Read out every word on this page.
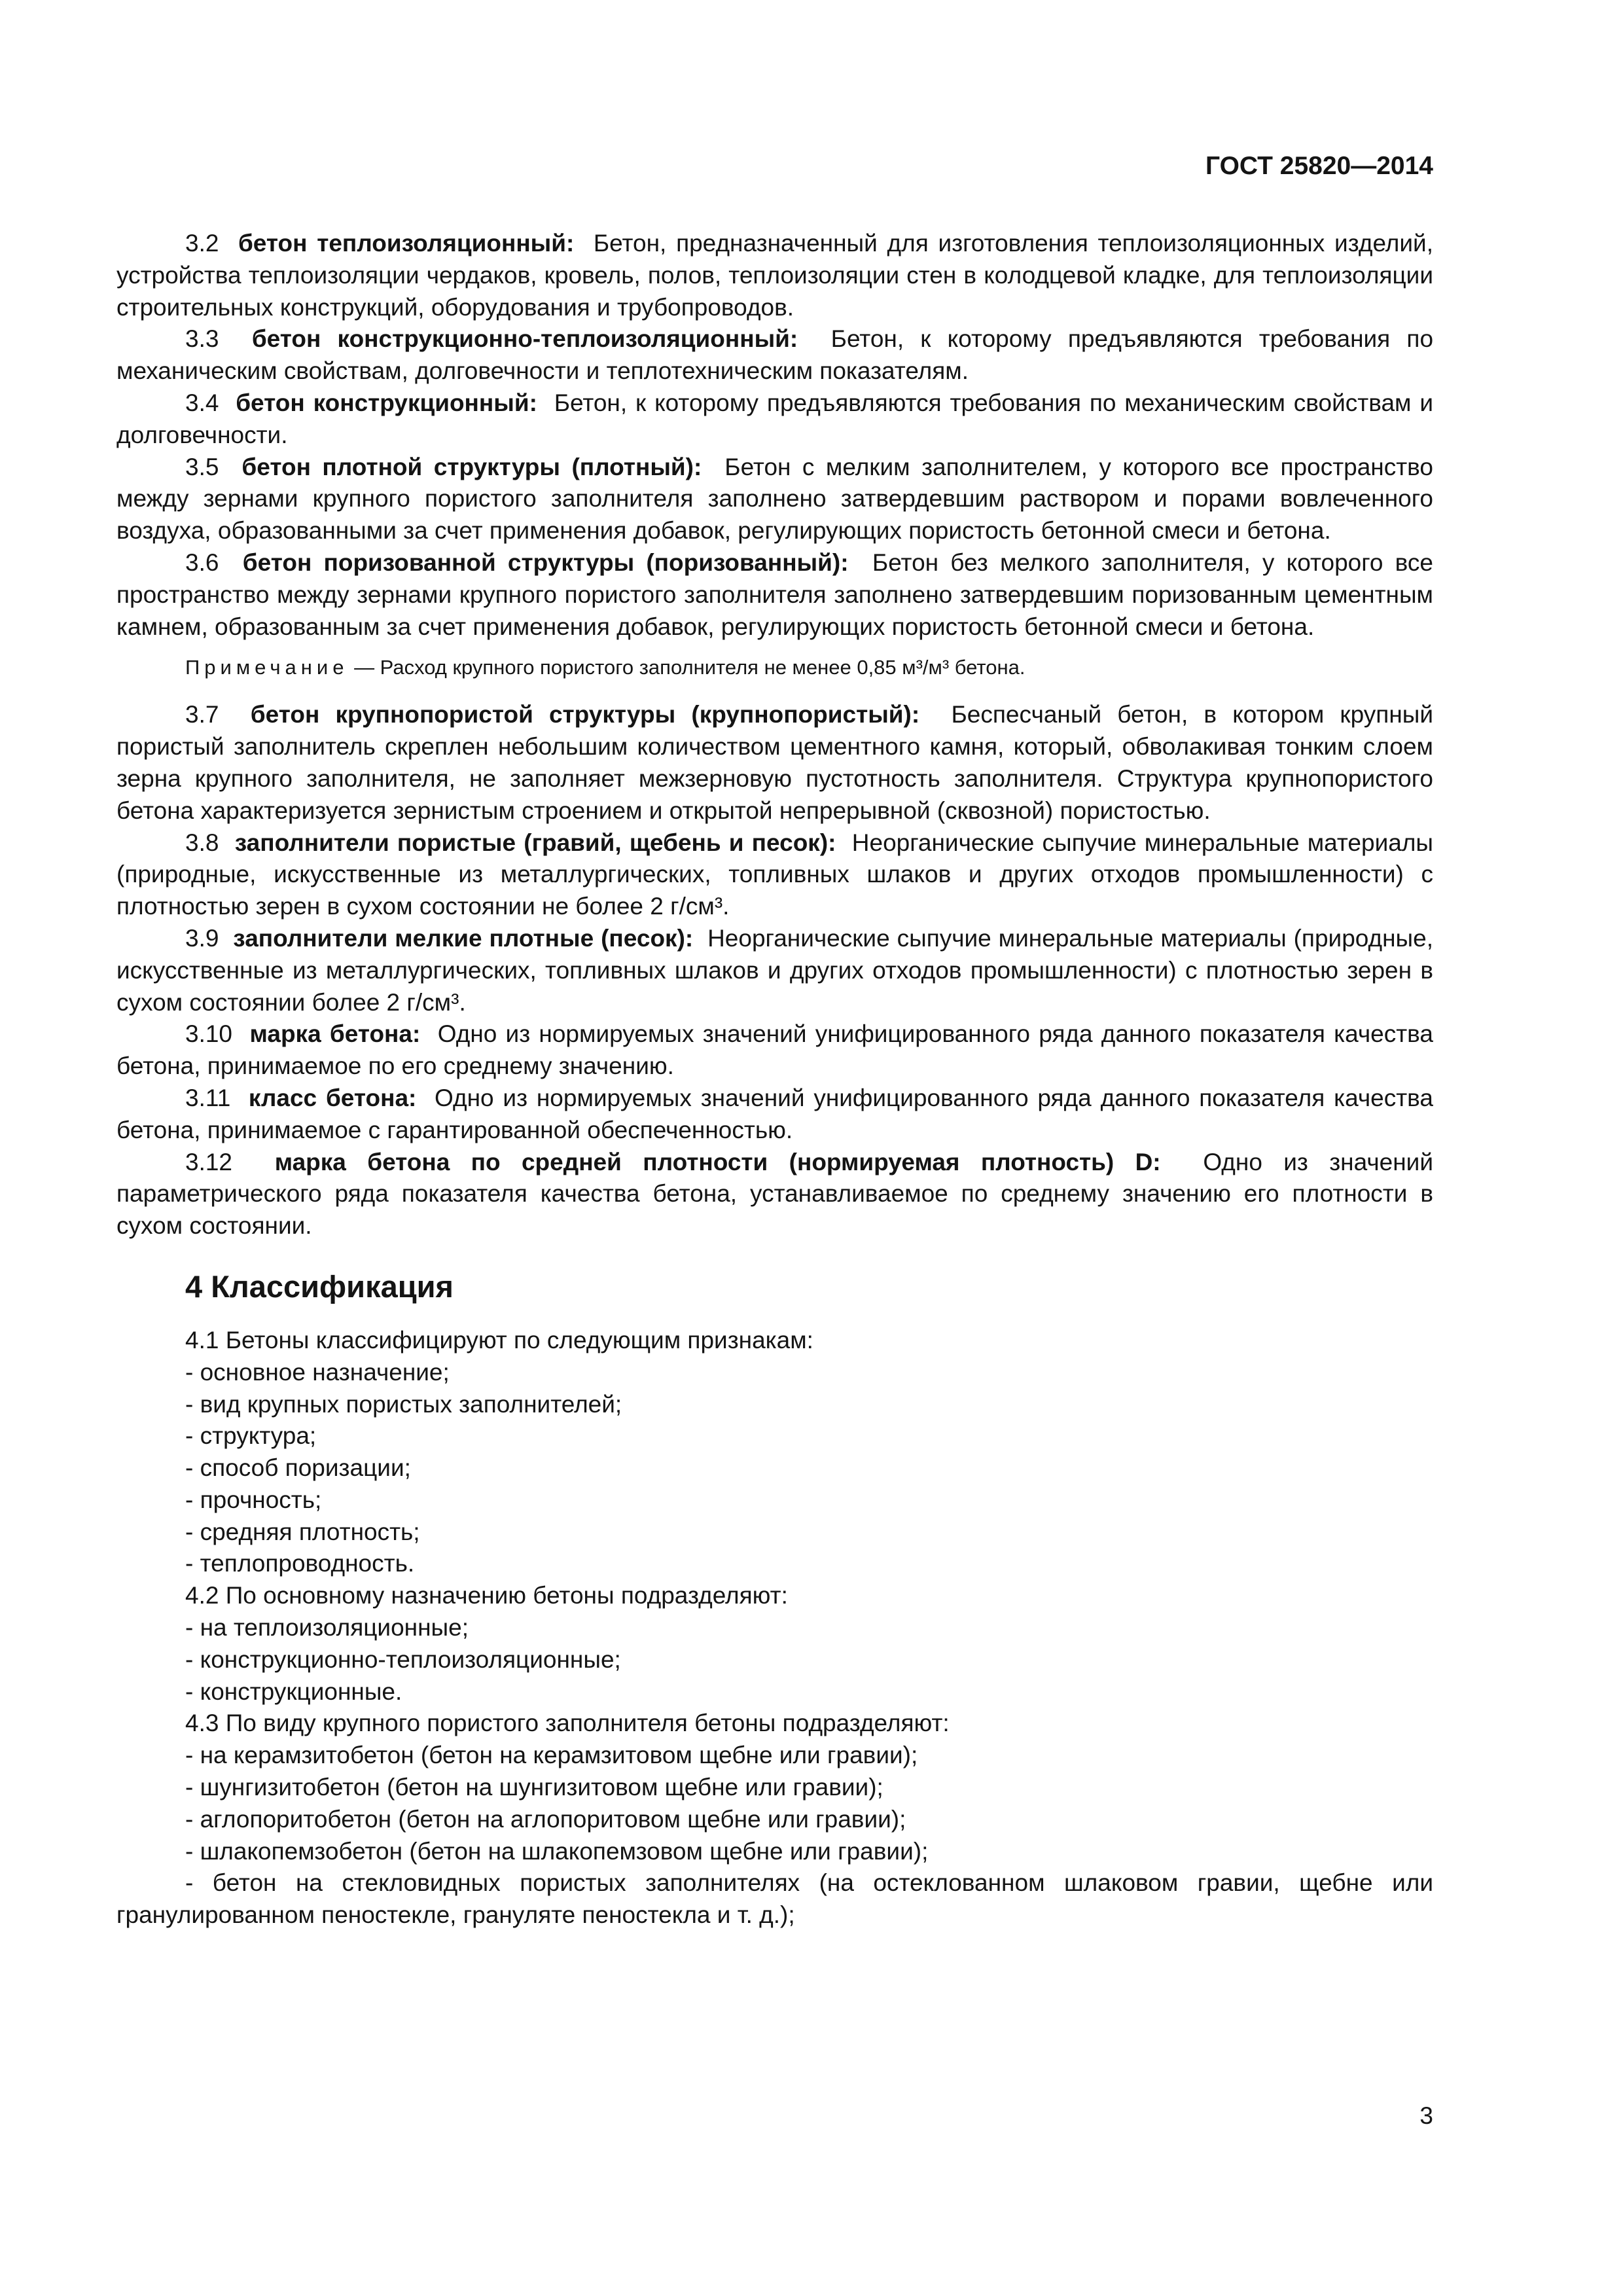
ГОСТ 25820—2014

3.2 бетон теплоизоляционный: Бетон, предназначенный для изготовления теплоизоляционных изделий, устройства теплоизоляции чердаков, кровель, полов, теплоизоляции стен в колодцевой кладке, для теплоизоляции строительных конструкций, оборудования и трубопроводов.

3.3 бетон конструкционно-теплоизоляционный: Бетон, к которому предъявляются требования по механическим свойствам, долговечности и теплотехническим показателям.

3.4 бетон конструкционный: Бетон, к которому предъявляются требования по механическим свойствам и долговечности.

3.5 бетон плотной структуры (плотный): Бетон с мелким заполнителем, у которого все пространство между зернами крупного пористого заполнителя заполнено затвердевшим раствором и порами вовлеченного воздуха, образованными за счет применения добавок, регулирующих пористость бетонной смеси и бетона.

3.6 бетон поризованной структуры (поризованный): Бетон без мелкого заполнителя, у которого все пространство между зернами крупного пористого заполнителя заполнено затвердевшим поризованным цементным камнем, образованным за счет применения добавок, регулирующих пористость бетонной смеси и бетона.

Примечание — Расход крупного пористого заполнителя не менее 0,85 м³/м³ бетона.

3.7 бетон крупнопористой структуры (крупнопористый): Беспесчаный бетон, в котором крупный пористый заполнитель скреплен небольшим количеством цементного камня, который, обволакивая тонким слоем зерна крупного заполнителя, не заполняет межзерновую пустотность заполнителя. Структура крупнопористого бетона характеризуется зернистым строением и открытой непрерывной (сквозной) пористостью.

3.8 заполнители пористые (гравий, щебень и песок): Неорганические сыпучие минеральные материалы (природные, искусственные из металлургических, топливных шлаков и других отходов промышленности) с плотностью зерен в сухом состоянии не более 2 г/см³.

3.9 заполнители мелкие плотные (песок): Неорганические сыпучие минеральные материалы (природные, искусственные из металлургических, топливных шлаков и других отходов промышленности) с плотностью зерен в сухом состоянии более 2 г/см³.

3.10 марка бетона: Одно из нормируемых значений унифицированного ряда данного показателя качества бетона, принимаемое по его среднему значению.

3.11 класс бетона: Одно из нормируемых значений унифицированного ряда данного показателя качества бетона, принимаемое с гарантированной обеспеченностью.

3.12 марка бетона по средней плотности (нормируемая плотность) D: Одно из значений параметрического ряда показателя качества бетона, устанавливаемое по среднему значению его плотности в сухом состоянии.

4 Классификация

4.1 Бетоны классифицируют по следующим признакам:

- основное назначение;

- вид крупных пористых заполнителей;

- структура;

- способ поризации;

- прочность;

- средняя плотность;

- теплопроводность.

4.2 По основному назначению бетоны подразделяют:

- на теплоизоляционные;

- конструкционно-теплоизоляционные;

- конструкционные.

4.3 По виду крупного пористого заполнителя бетоны подразделяют:

- на керамзитобетон (бетон на керамзитовом щебне или гравии);

- шунгизитобетон (бетон на шунгизитовом щебне или гравии);

- аглопоритобетон (бетон на аглопоритовом щебне или гравии);

- шлакопемзобетон (бетон на шлакопемзовом щебне или гравии);

- бетон на стекловидных пористых заполнителях (на остеклованном шлаковом гравии, щебне или гранулированном пеностекле, грануляте пеностекла и т. д.);

3
